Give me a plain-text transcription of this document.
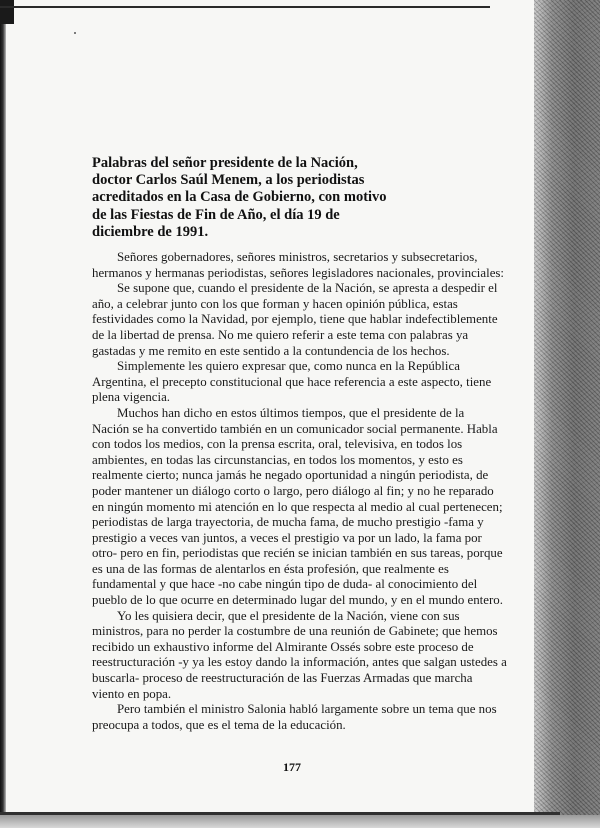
Palabras del señor presidente de la Nación,
doctor Carlos Saúl Menem, a los periodistas
acreditados en la Casa de Gobierno, con motivo
de las Fiestas de Fin de Año, el día 19 de
diciembre de 1991.
Señores gobernadores, señores ministros, secretarios y subsecretarios,
hermanos y hermanas periodistas, señores legisladores nacionales, provinciales:
Se supone que, cuando el presidente de la Nación, se apresta a despedir el
año, a celebrar junto con los que forman y hacen opinión pública, estas
festividades como la Navidad, por ejemplo, tiene que hablar indefectiblemente
de la libertad de prensa. No me quiero referir a este tema con palabras ya
gastadas y me remito en este sentido a la contundencia de los hechos.
Simplemente les quiero expresar que, como nunca en la República
Argentina, el precepto constitucional que hace referencia a este aspecto, tiene
plena vigencia.
Muchos han dicho en estos últimos tiempos, que el presidente de la
Nación se ha convertido también en un comunicador social permanente. Habla
con todos los medios, con la prensa escrita, oral, televisiva, en todos los
ambientes, en todas las circunstancias, en todos los momentos, y esto es
realmente cierto; nunca jamás he negado oportunidad a ningún periodista, de
poder mantener un diálogo corto o largo, pero diálogo al fin; y no he reparado
en ningún momento mi atención en lo que respecta al medio al cual pertenecen;
periodistas de larga trayectoria, de mucha fama, de mucho prestigio -fama y
prestigio a veces van juntos, a veces el prestigio va por un lado, la fama por
otro- pero en fin, periodistas que recién se inician también en sus tareas, porque
es una de las formas de alentarlos en ésta profesión, que realmente es
fundamental y que hace -no cabe ningún tipo de duda- al conocimiento del
pueblo de lo que ocurre en determinado lugar del mundo, y en el mundo entero.
Yo les quisiera decir, que el presidente de la Nación, viene con sus
ministros, para no perder la costumbre de una reunión de Gabinete; que hemos
recibido un exhaustivo informe del Almirante Ossés sobre este proceso de
reestructuración -y ya les estoy dando la información, antes que salgan ustedes a
buscarla- proceso de reestructuración de las Fuerzas Armadas que marcha
viento en popa.
Pero también el ministro Salonia habló largamente sobre un tema que nos
preocupa a todos, que es el tema de la educación.
177
